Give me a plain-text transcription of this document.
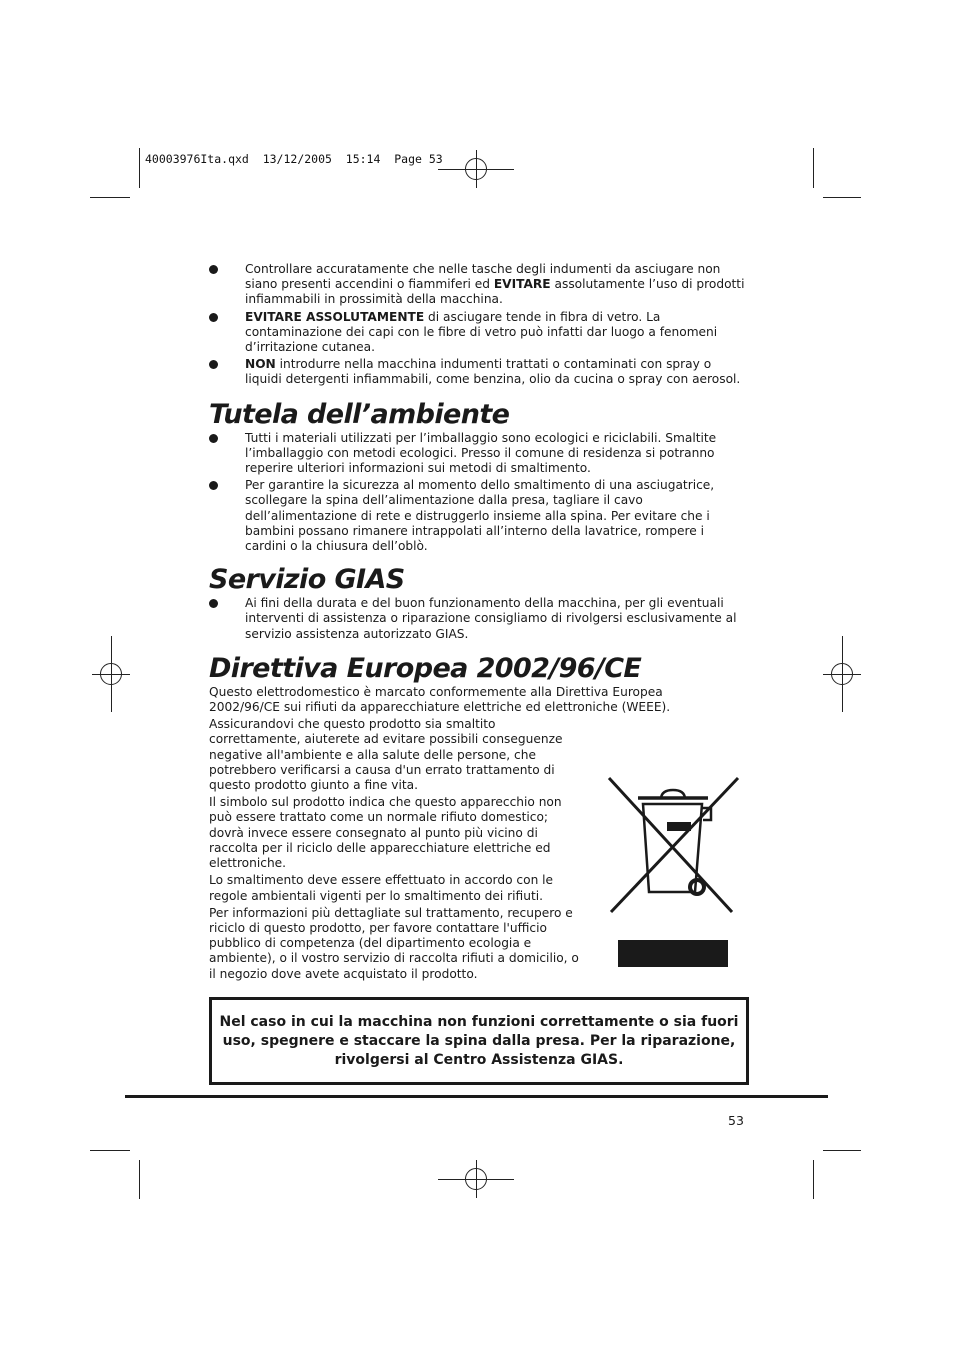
40003976Ita.qxd  13/12/2005  15:14  Page 53
Controllare accuratamente che nelle tasche degli indumenti da asciugare non siano presenti accendini o fiammiferi ed EVITARE assolutamente l’uso di prodotti infiammabili in prossimità della macchina.
EVITARE ASSOLUTAMENTE di asciugare tende in fibra di vetro. La contaminazione dei capi con le fibre di vetro può infatti dar luogo a fenomeni d’irritazione cutanea.
NON introdurre nella macchina indumenti trattati o contaminati con spray o liquidi detergenti infiammabili, come benzina, olio da cucina o spray con aerosol.
Tutela dell’ambiente
Tutti i materiali utilizzati per l’imballaggio sono ecologici e riciclabili. Smaltite l’imballaggio con metodi ecologici. Presso il comune di residenza si potranno reperire ulteriori informazioni sui metodi di smaltimento.
Per garantire la sicurezza al momento dello smaltimento di una asciugatrice, scollegare la spina dell’alimentazione dalla presa, tagliare il cavo dell’alimentazione di rete e distruggerlo insieme alla spina. Per evitare che i bambini possano rimanere intrappolati all’interno della lavatrice, rompere i cardini o la chiusura dell’oblò.
Servizio GIAS
Ai fini della durata e del buon funzionamento della macchina, per gli eventuali interventi di assistenza o riparazione consigliamo di rivolgersi esclusivamente al servizio assistenza autorizzato GIAS.
Direttiva Europea 2002/96/CE

Questo elettrodomestico è marcato conformemente alla Direttiva Europea 2002/96/CE sui rifiuti da apparecchiature elettriche ed elettroniche (WEEE).

Assicurandovi che questo prodotto sia smaltito correttamente, aiuterete ad evitare possibili conseguenze negative all'ambiente e alla salute delle persone, che potrebbero verificarsi a causa d'un errato trattamento di questo prodotto giunto a fine vita.

Il simbolo sul prodotto indica che questo apparecchio non può essere trattato come un normale rifiuto domestico; dovrà invece essere consegnato al punto più vicino di raccolta per il riciclo delle apparecchiature elettriche ed elettroniche.

Lo smaltimento deve essere effettuato in accordo con le regole ambientali vigenti per lo smaltimento dei rifiuti.

Per informazioni più dettagliate sul trattamento, recupero e riciclo di questo prodotto, per favore contattare l'ufficio pubblico di competenza (del dipartimento ecologia e ambiente), o il vostro servizio di raccolta rifiuti a domicilio, o il negozio dove avete acquistato il prodotto.

Nel caso in cui la macchina non funzioni correttamente o sia fuori uso, spegnere e staccare la spina dalla presa. Per la riparazione, rivolgersi al Centro Assistenza GIAS.
53
